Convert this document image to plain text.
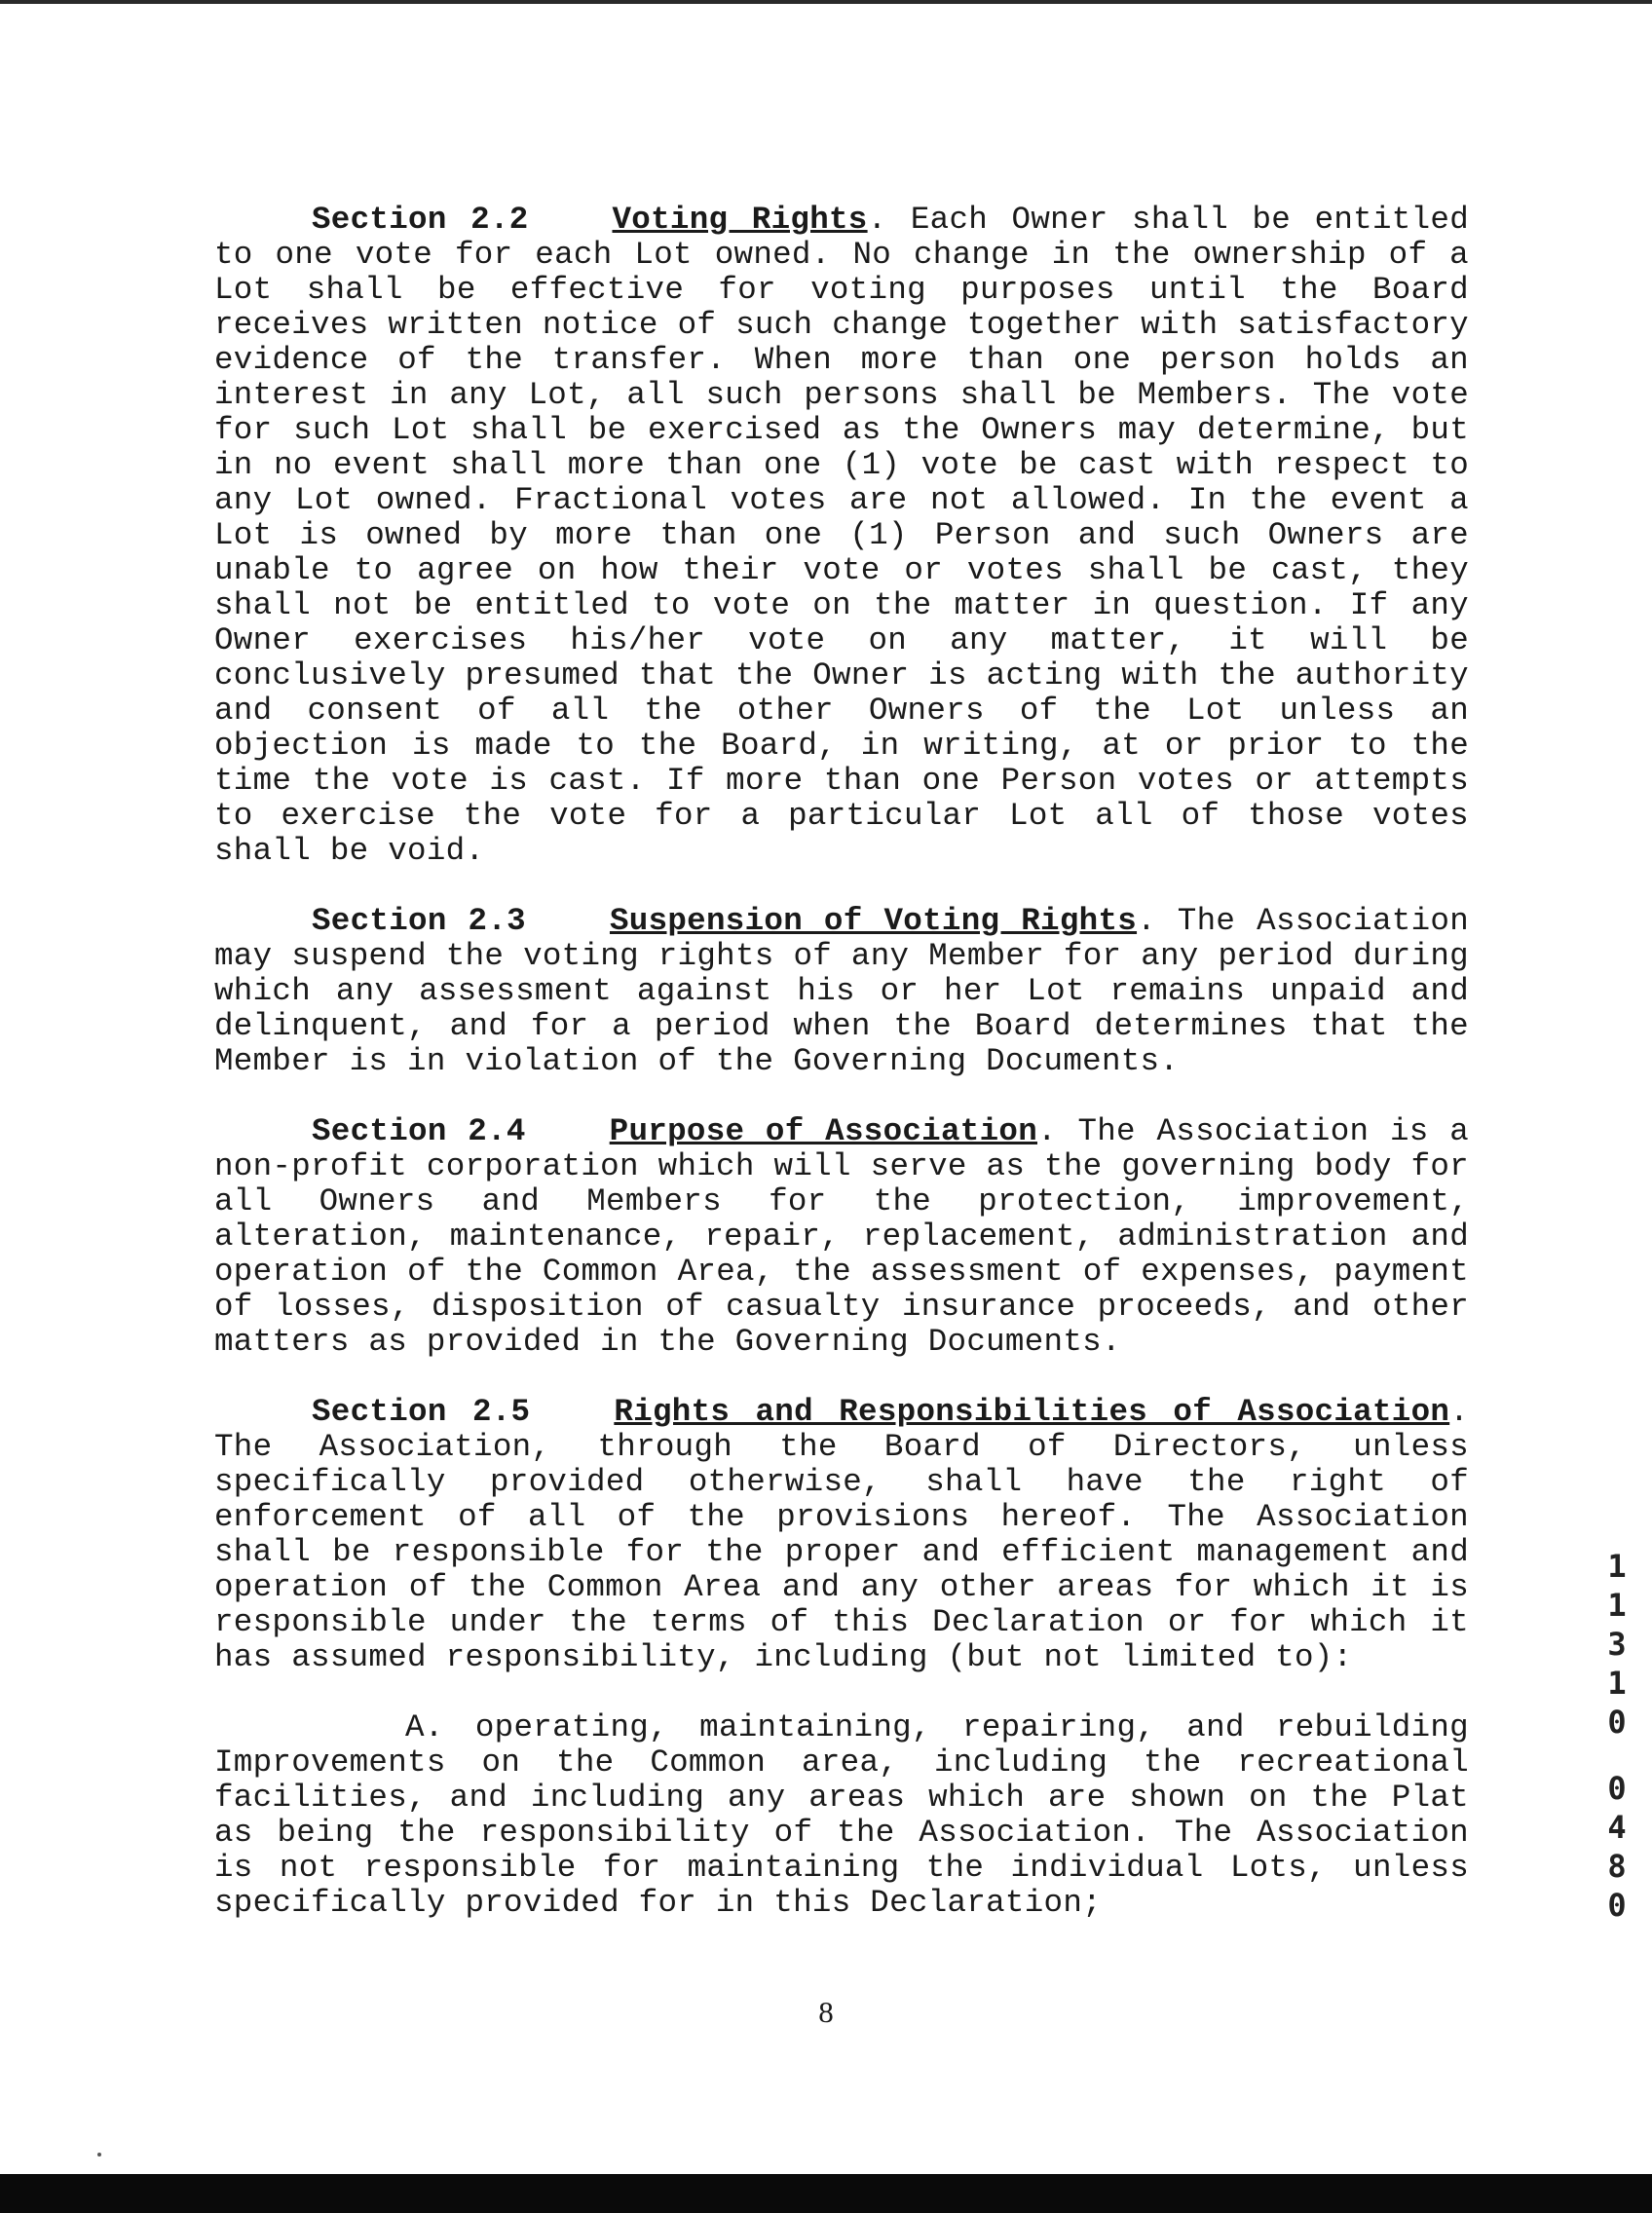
Section 2.2	Voting Rights. Each Owner shall be entitled to one vote for each Lot owned. No change in the ownership of a Lot shall be effective for voting purposes until the Board receives written notice of such change together with satisfactory evidence of the transfer. When more than one person holds an interest in any Lot, all such persons shall be Members. The vote for such Lot shall be exercised as the Owners may determine, but in no event shall more than one (1) vote be cast with respect to any Lot owned. Fractional votes are not allowed. In the event a Lot is owned by more than one (1) Person and such Owners are unable to agree on how their vote or votes shall be cast, they shall not be entitled to vote on the matter in question. If any Owner exercises his/her vote on any matter, it will be conclusively presumed that the Owner is acting with the authority and consent of all the other Owners of the Lot unless an objection is made to the Board, in writing, at or prior to the time the vote is cast. If more than one Person votes or attempts to exercise the vote for a particular Lot all of those votes shall be void.

Section 2.3	Suspension of Voting Rights. The Association may suspend the voting rights of any Member for any period during which any assessment against his or her Lot remains unpaid and delinquent, and for a period when the Board determines that the Member is in violation of the Governing Documents.

Section 2.4	Purpose of Association. The Association is a non-profit corporation which will serve as the governing body for all Owners and Members for the protection, improvement, alteration, maintenance, repair, replacement, administration and operation of the Common Area, the assessment of expenses, payment of losses, disposition of casualty insurance proceeds, and other matters as provided in the Governing Documents.

Section 2.5	Rights and Responsibilities of Association. The Association, through the Board of Directors, unless specifically provided otherwise, shall have the right of enforcement of all of the provisions hereof. The Association shall be responsible for the proper and efficient management and operation of the Common Area and any other areas for which it is responsible under the terms of this Declaration or for which it has assumed responsibility, including (but not limited to):

A. operating, maintaining, repairing, and rebuilding Improvements on the Common area, including the recreational facilities, and including any areas which are shown on the Plat as being the responsibility of the Association. The Association is not responsible for maintaining the individual Lots, unless specifically provided for in this Declaration;

8
1
1
3
1
0
0
4
8
0
